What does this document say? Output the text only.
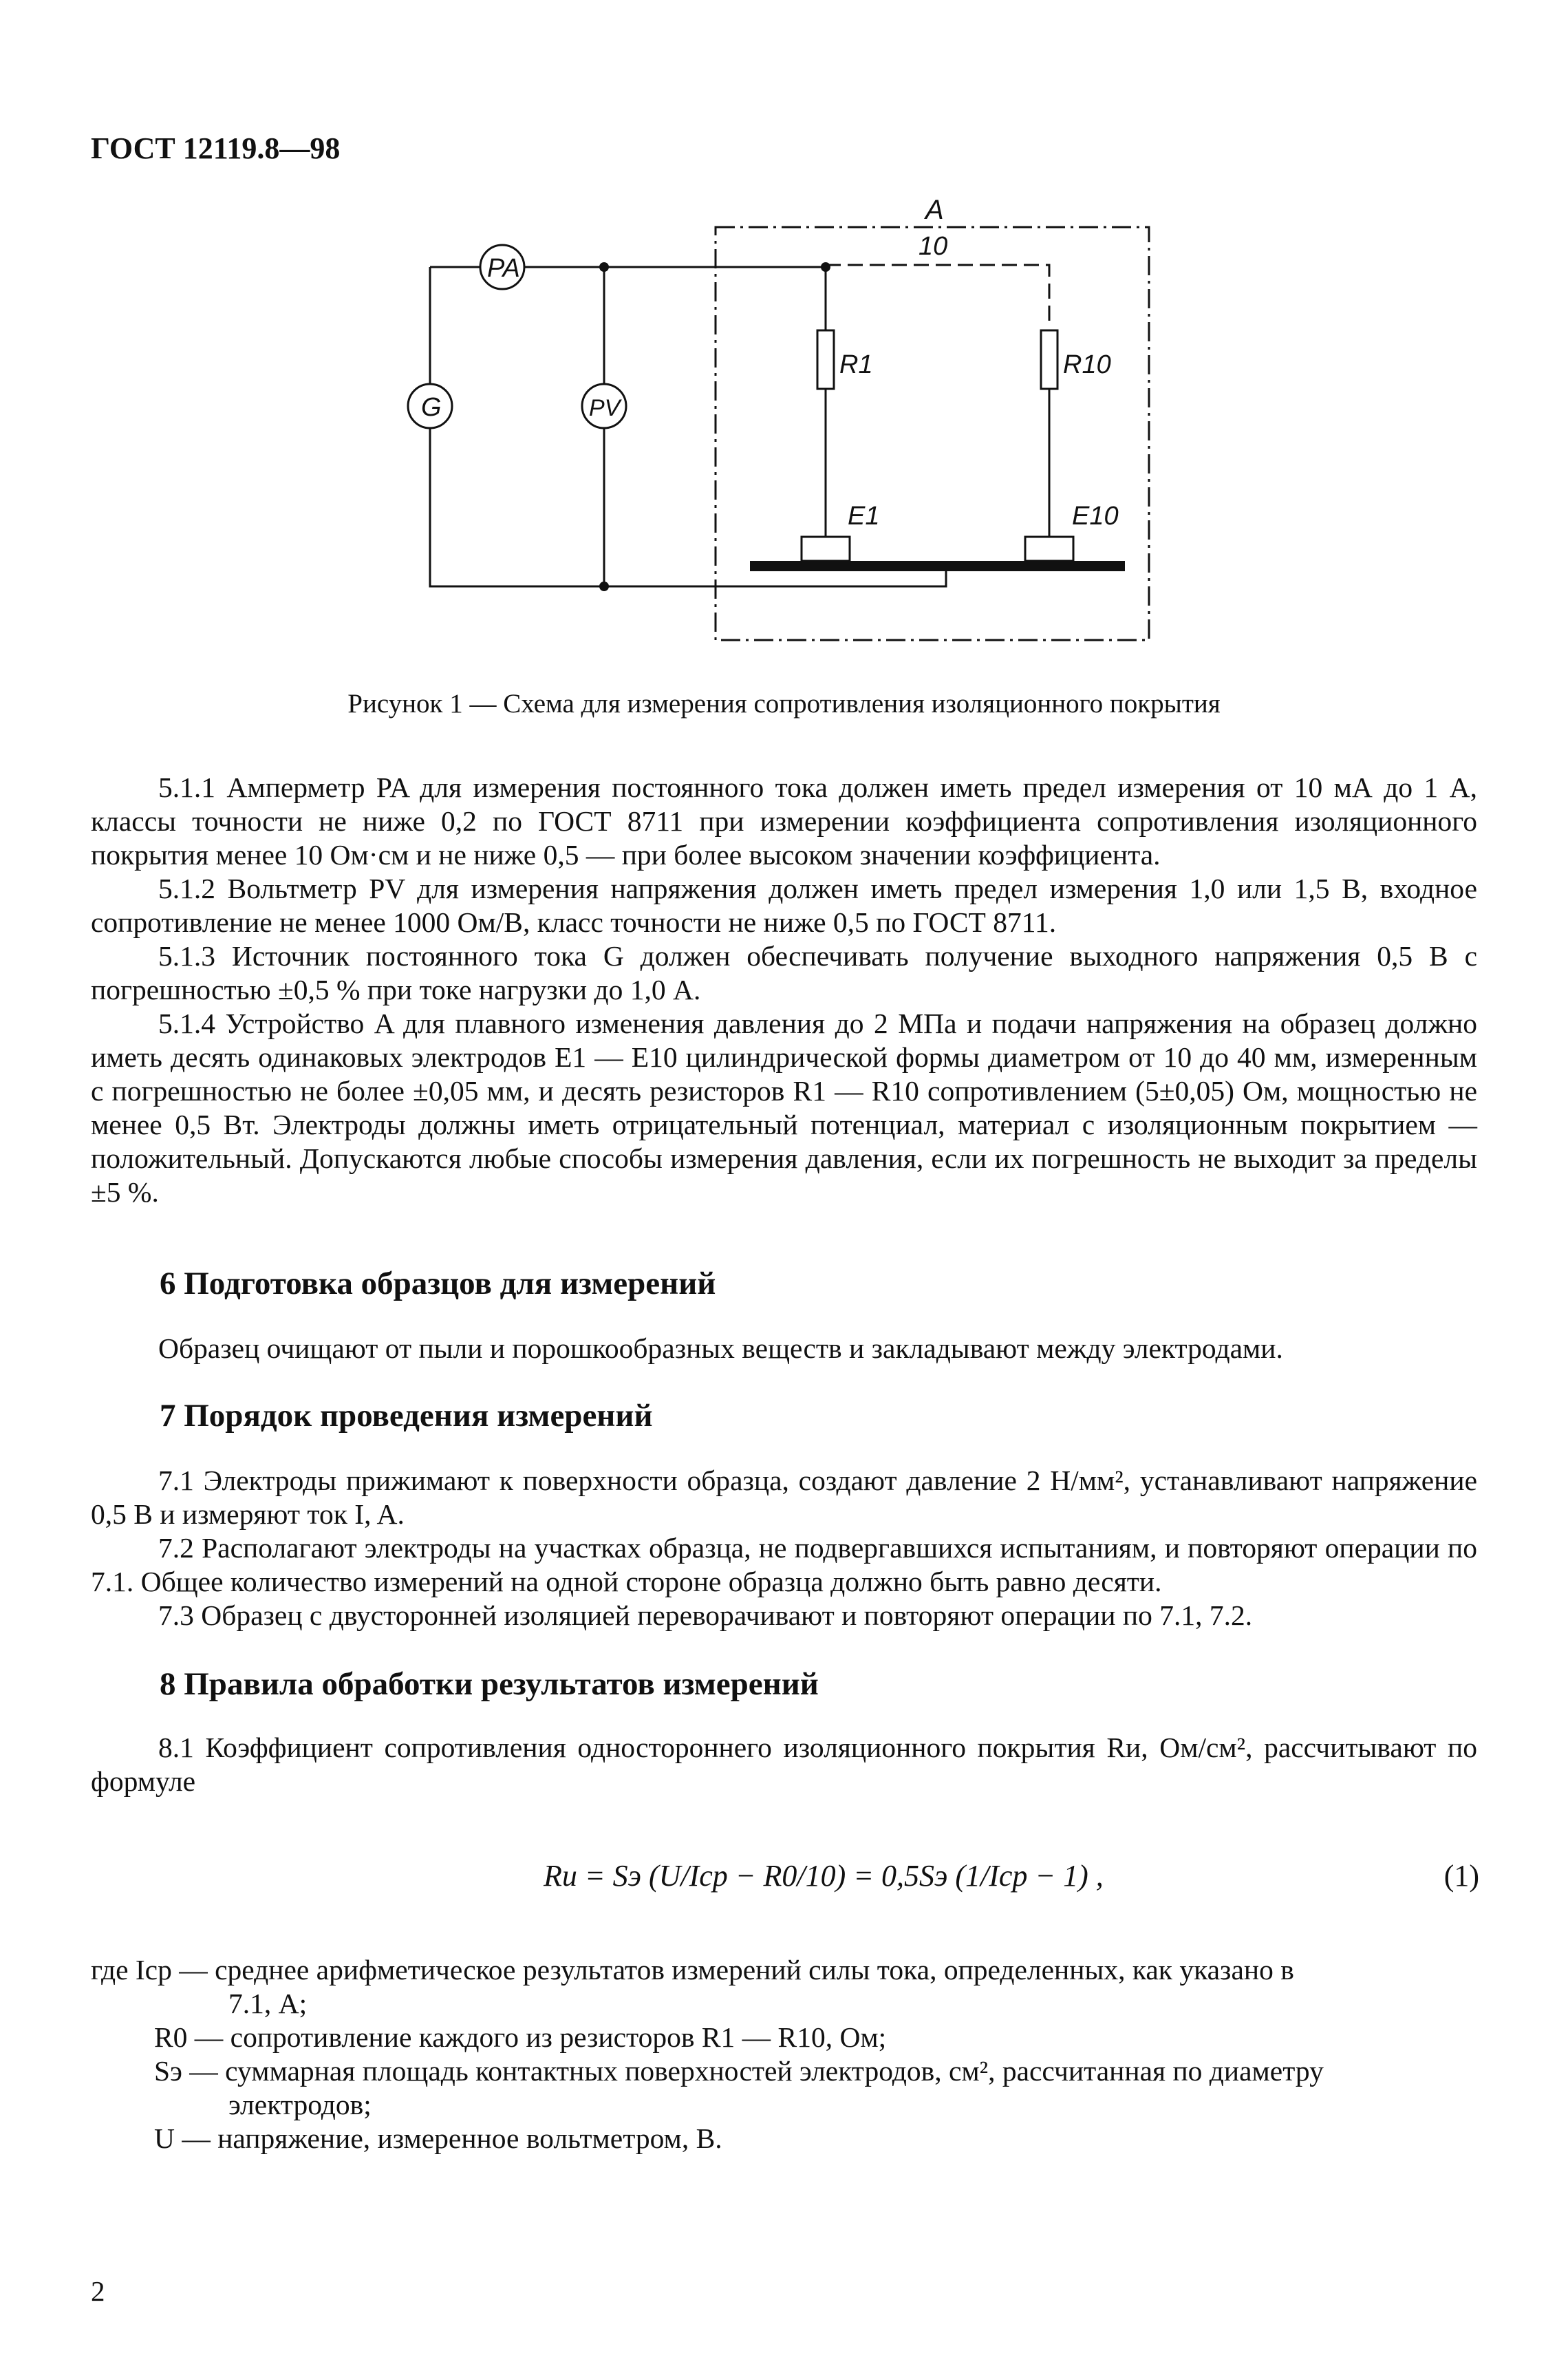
ГОСТ 12119.8—98
PA
G	PV
R1	R10
E1	E10
A
10
Рисунок 1 — Схема для измерения сопротивления изоляционного покрытия

5.1.1 Амперметр PA для измерения постоянного тока должен иметь предел измерения от 10 мА до 1 А, классы точности не ниже 0,2 по ГОСТ 8711 при измерении коэффициента сопротивления изоляционного покрытия менее 10 Ом·см и не ниже 0,5 — при более высоком значении коэффициента.

5.1.2 Вольтметр PV для измерения напряжения должен иметь предел измерения 1,0 или 1,5 В, входное сопротивление не менее 1000 Ом/В, класс точности не ниже 0,5 по ГОСТ 8711.

5.1.3 Источник постоянного тока G должен обеспечивать получение выходного напряжения 0,5 В с погрешностью ±0,5 % при токе нагрузки до 1,0 А.

5.1.4 Устройство A для плавного изменения давления до 2 МПа и подачи напряжения на образец должно иметь десять одинаковых электродов E1 — E10 цилиндрической формы диаметром от 10 до 40 мм, измеренным с погрешностью не более ±0,05 мм, и десять резисторов R1 — R10 сопротивлением (5±0,05) Ом, мощностью не менее 0,5 Вт. Электроды должны иметь отрицательный потенциал, материал с изоляционным покрытием — положительный. Допускаются любые способы измерения давления, если их погрешность не выходит за пределы ±5 %.

6 Подготовка образцов для измерений

Образец очищают от пыли и порошкообразных веществ и закладывают между электродами.

7 Порядок проведения измерений

7.1 Электроды прижимают к поверхности образца, создают давление 2 Н/мм², устанавливают напряжение 0,5 В и измеряют ток I, A.

7.2 Располагают электроды на участках образца, не подвергавшихся испытаниям, и повторяют операции по 7.1. Общее количество измерений на одной стороне образца должно быть равно десяти.

7.3 Образец с двусторонней изоляцией переворачивают и повторяют операции по 7.1, 7.2.

8 Правила обработки результатов измерений

8.1 Коэффициент сопротивления одностороннего изоляционного покрытия Rи, Ом/см², рассчитывают по формуле

Rи = Sэ (U/Iср − R0/10) = 0,5Sэ (1/Iср − 1) ,	(1)
где Iср — среднее арифметическое результатов измерений силы тока, определенных, как указано в
7.1, А;
R0 — сопротивление каждого из резисторов R1 — R10, Ом;
Sэ — суммарная площадь контактных поверхностей электродов, см², рассчитанная по диаметру
электродов;
U — напряжение, измеренное вольтметром, В.
2
